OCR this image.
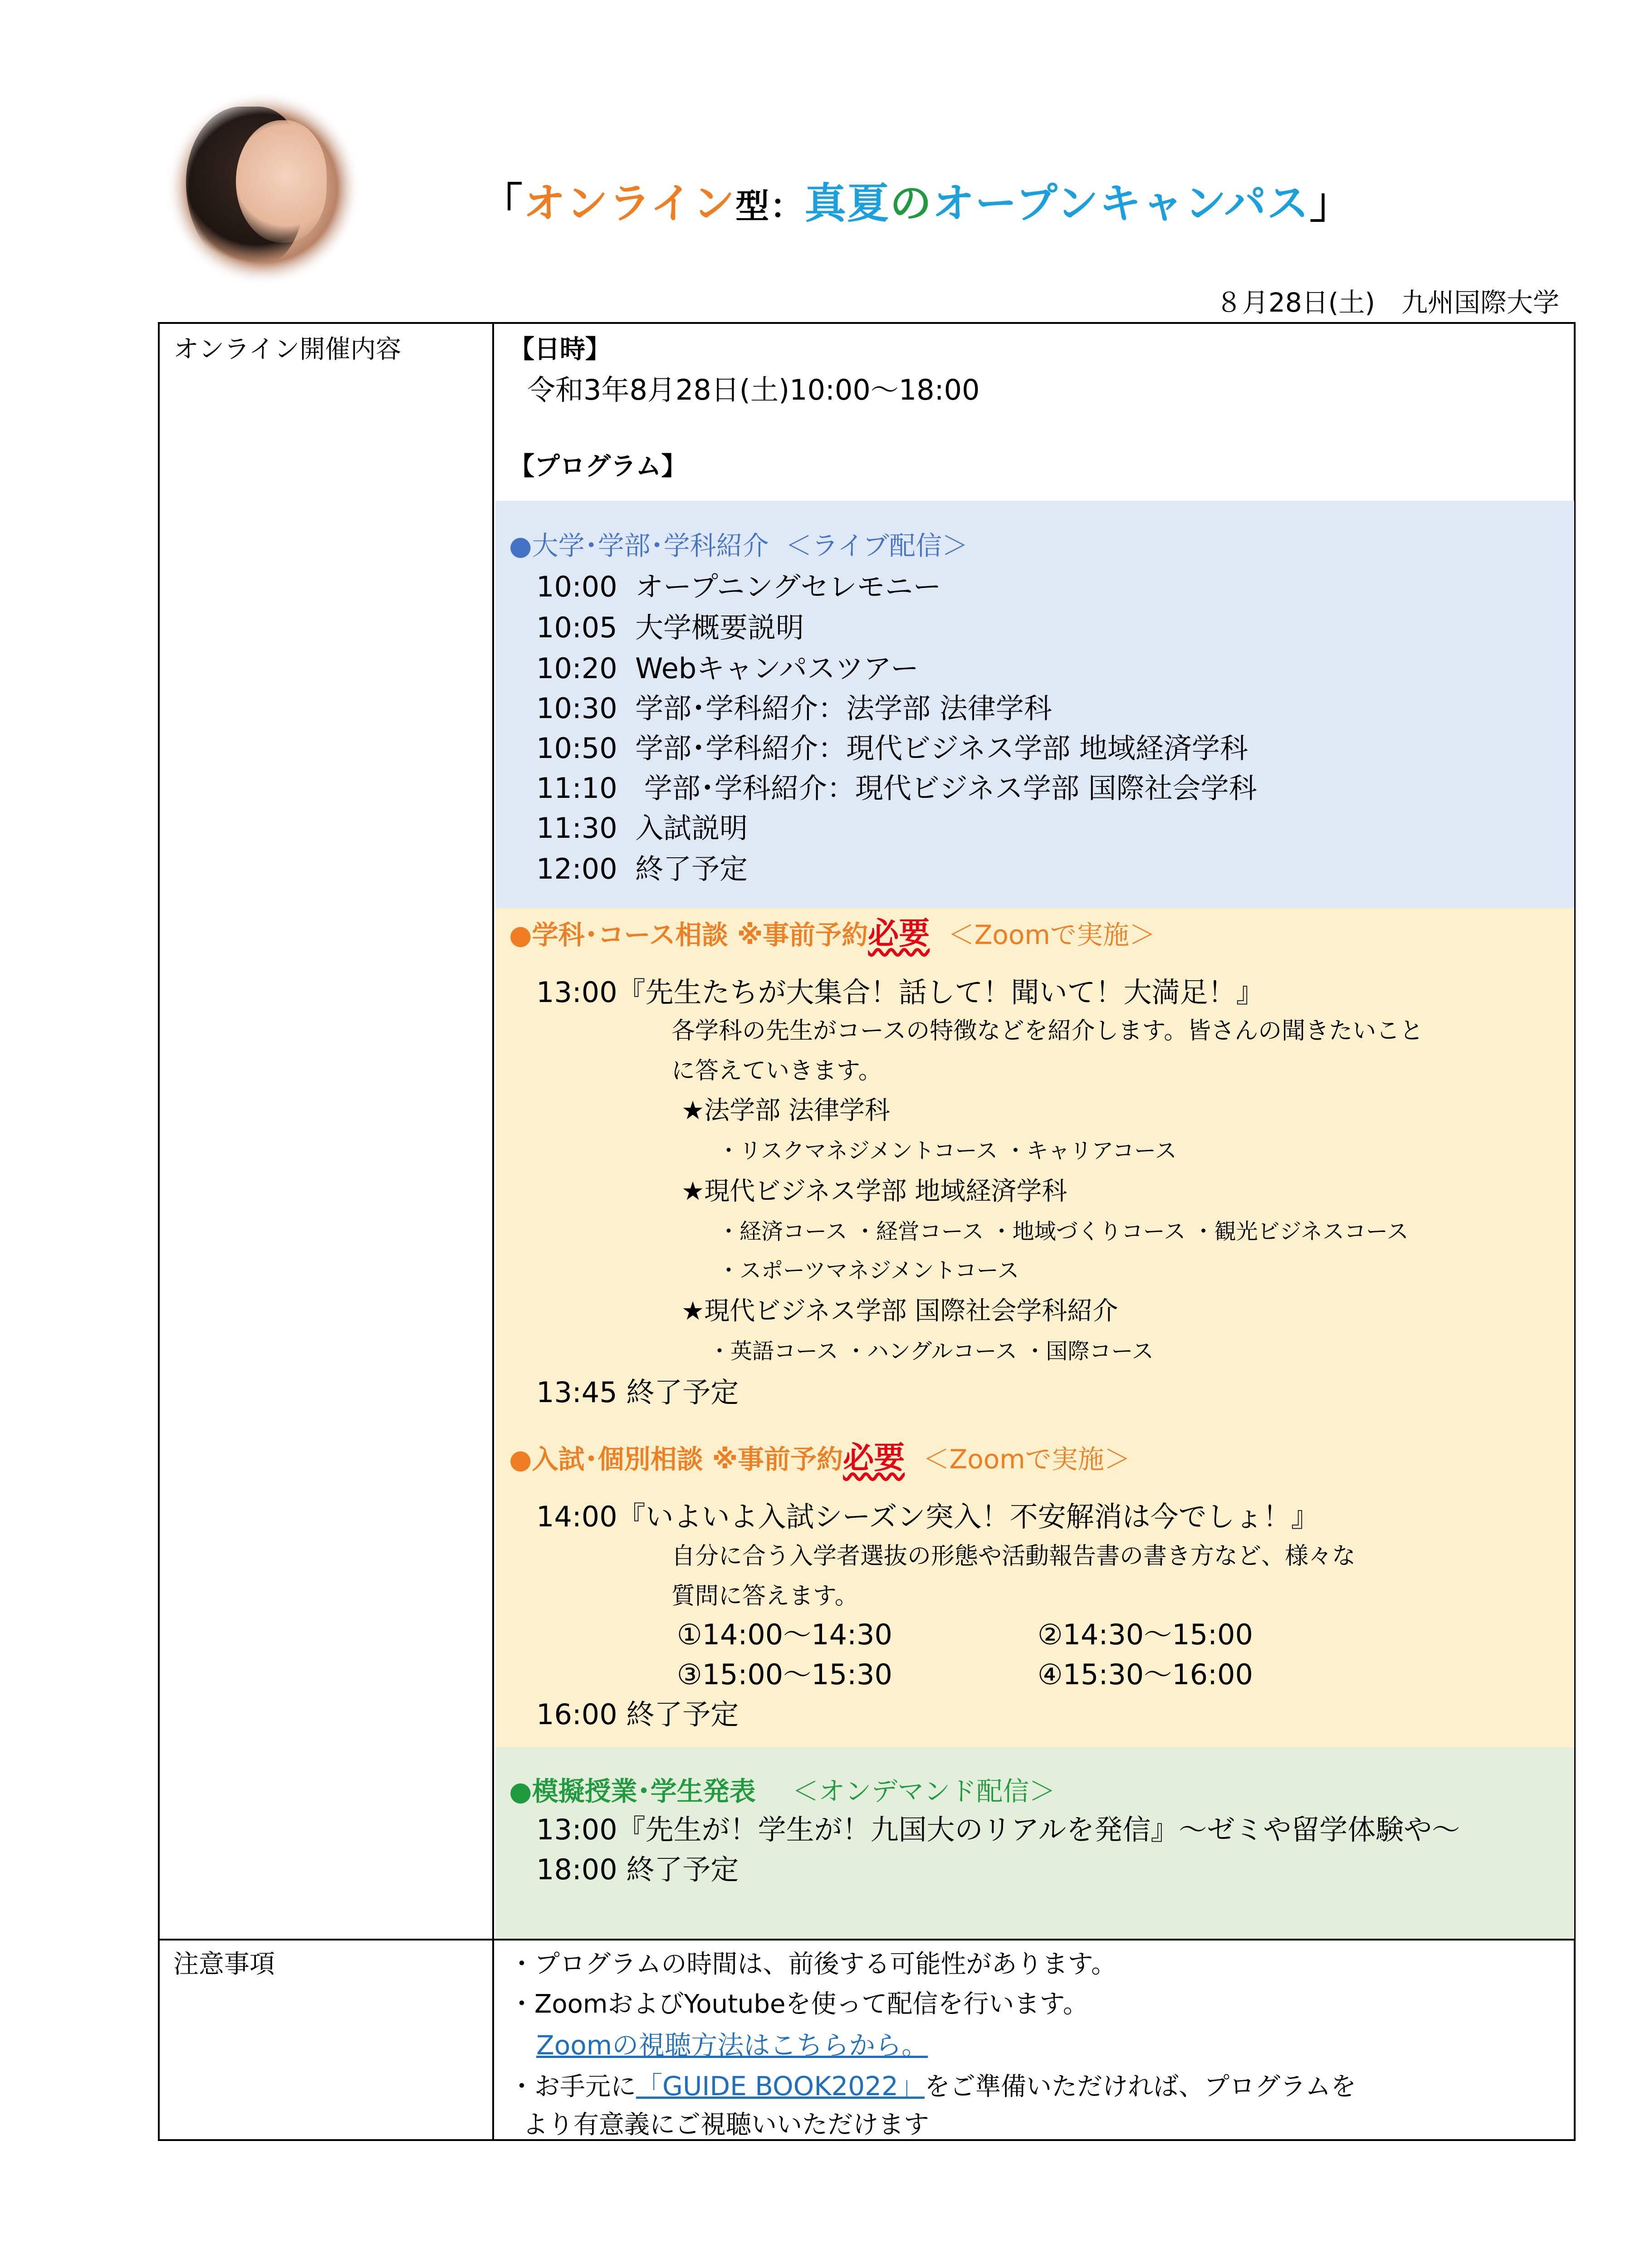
「オンライン型：真夏のオープンキャンパス」
８月28日(土)　九州国際大学
オンライン開催内容
注意事項
【日時】
令和3年8月28日(土)10:00～18:00
【プログラム】
●大学･学部･学科紹介 ＜ライブ配信＞
10:00 オープニングセレモニー
10:05 大学概要説明
10:20 Webキャンパスツアー
10:30 学部･学科紹介：法学部 法律学科
10:50 学部･学科紹介：現代ビジネス学部 地域経済学科
11:10 学部･学科紹介：現代ビジネス学部 国際社会学科
11:30 入試説明
12:00 終了予定
●学科･コース相談 ※事前予約必要 ＜Zoomで実施＞
13:00『先生たちが大集合！話して！聞いて！大満足！』
各学科の先生がコースの特徴などを紹介します。皆さんの聞きたいこと
に答えていきます。
★法学部 法律学科
・リスクマネジメントコース ・キャリアコース
★現代ビジネス学部 地域経済学科
・経済コース ・経営コース ・地域づくりコース ・観光ビジネスコース
・スポーツマネジメントコース
★現代ビジネス学部 国際社会学科紹介
・英語コース ・ハングルコース ・国際コース
13:45 終了予定
●入試･個別相談 ※事前予約必要 ＜Zoomで実施＞
14:00『いよいよ入試シーズン突入！不安解消は今でしょ！』
自分に合う入学者選抜の形態や活動報告書の書き方など、様々な
質問に答えます。
①14:00～14:30	②14:30～15:00
③15:00～15:30	④15:30～16:00
16:00 終了予定
●模擬授業･学生発表 ＜オンデマンド配信＞
13:00『先生が！学生が！九国大のリアルを発信』～ゼミや留学体験や～
18:00 終了予定
・プログラムの時間は、前後する可能性があります。
・ZoomおよびYoutubeを使って配信を行います。
Zoomの視聴方法はこちらから。
・お手元に「GUIDE BOOK2022」をご準備いただければ、プログラムを
より有意義にご視聴いいただけます
